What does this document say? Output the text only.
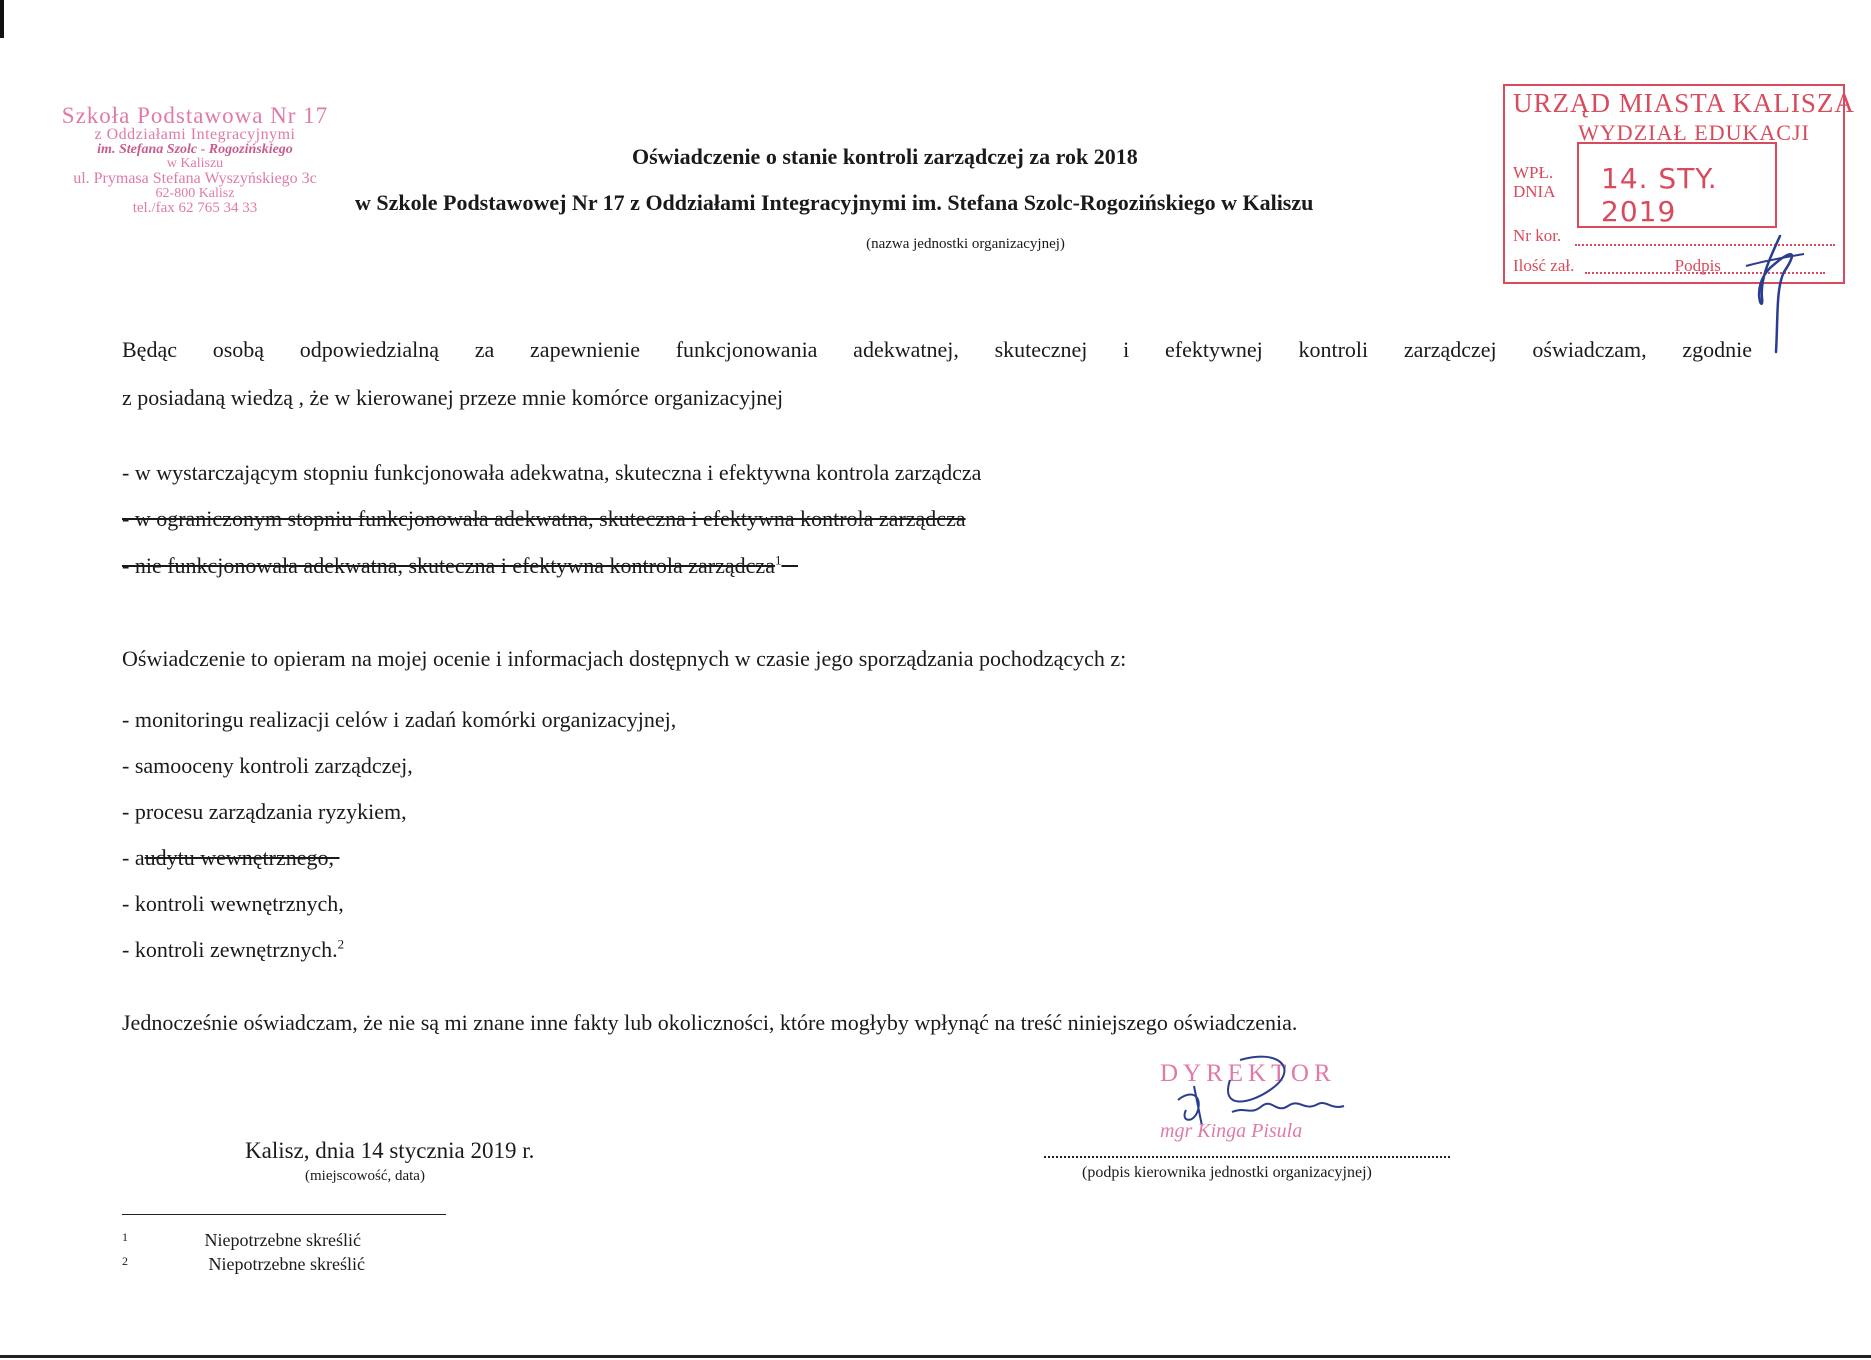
Szkoła Podstawowa Nr 17
z Oddziałami Integracyjnymi
im. Stefana Szolc - Rogozińskiego
w Kaliszu
ul. Prymasa Stefana Wyszyńskiego 3c
62-800 Kalisz
tel./fax 62 765 34 33
URZĄD MIASTA KALISZA
WYDZIAŁ EDUKACJI
WPŁ.
DNIA 14. STY. 2019
Nr kor.
Ilość zał.	Podpis
Oświadczenie o stanie kontroli zarządczej za rok 2018
w Szkole Podstawowej Nr 17 z Oddziałami Integracyjnymi im. Stefana Szolc-Rogozińskiego w Kaliszu
(nazwa jednostki organizacyjnej)
Będąc osobą odpowiedzialną za zapewnienie funkcjonowania adekwatnej, skutecznej i efektywnej kontroli zarządczej oświadczam, zgodnie
z posiadaną wiedzą , że w kierowanej przeze mnie komórce organizacyjnej
- w wystarczającym stopniu funkcjonowała adekwatna, skuteczna i efektywna kontrola zarządcza
- w ograniczonym stopniu funkcjonowała adekwatna, skuteczna i efektywna kontrola zarządcza
- nie funkcjonowała adekwatna, skuteczna i efektywna kontrola zarządcza$^1$
Oświadczenie to opieram na mojej ocenie i informacjach dostępnych w czasie jego sporządzania pochodzących z:
- monitoringu realizacji celów i zadań komórki organizacyjnej,
- samooceny kontroli zarządczej,
- procesu zarządzania ryzykiem,
- audytu wewnętrznego,
- kontroli wewnętrznych,
- kontroli zewnętrznych.$^2$
Jednocześnie oświadczam, że nie są mi znane inne fakty lub okoliczności, które mogłyby wpłynąć na treść niniejszego oświadczenia.
DYREKTOR
mgr Kinga Pisula
Kalisz, dnia 14 stycznia 2019 r.
(miejscowość, data)	(podpis kierownika jednostki organizacyjnej)
$^1$	Niepotrzebne skreślić
$^2$	Niepotrzebne skreślić
